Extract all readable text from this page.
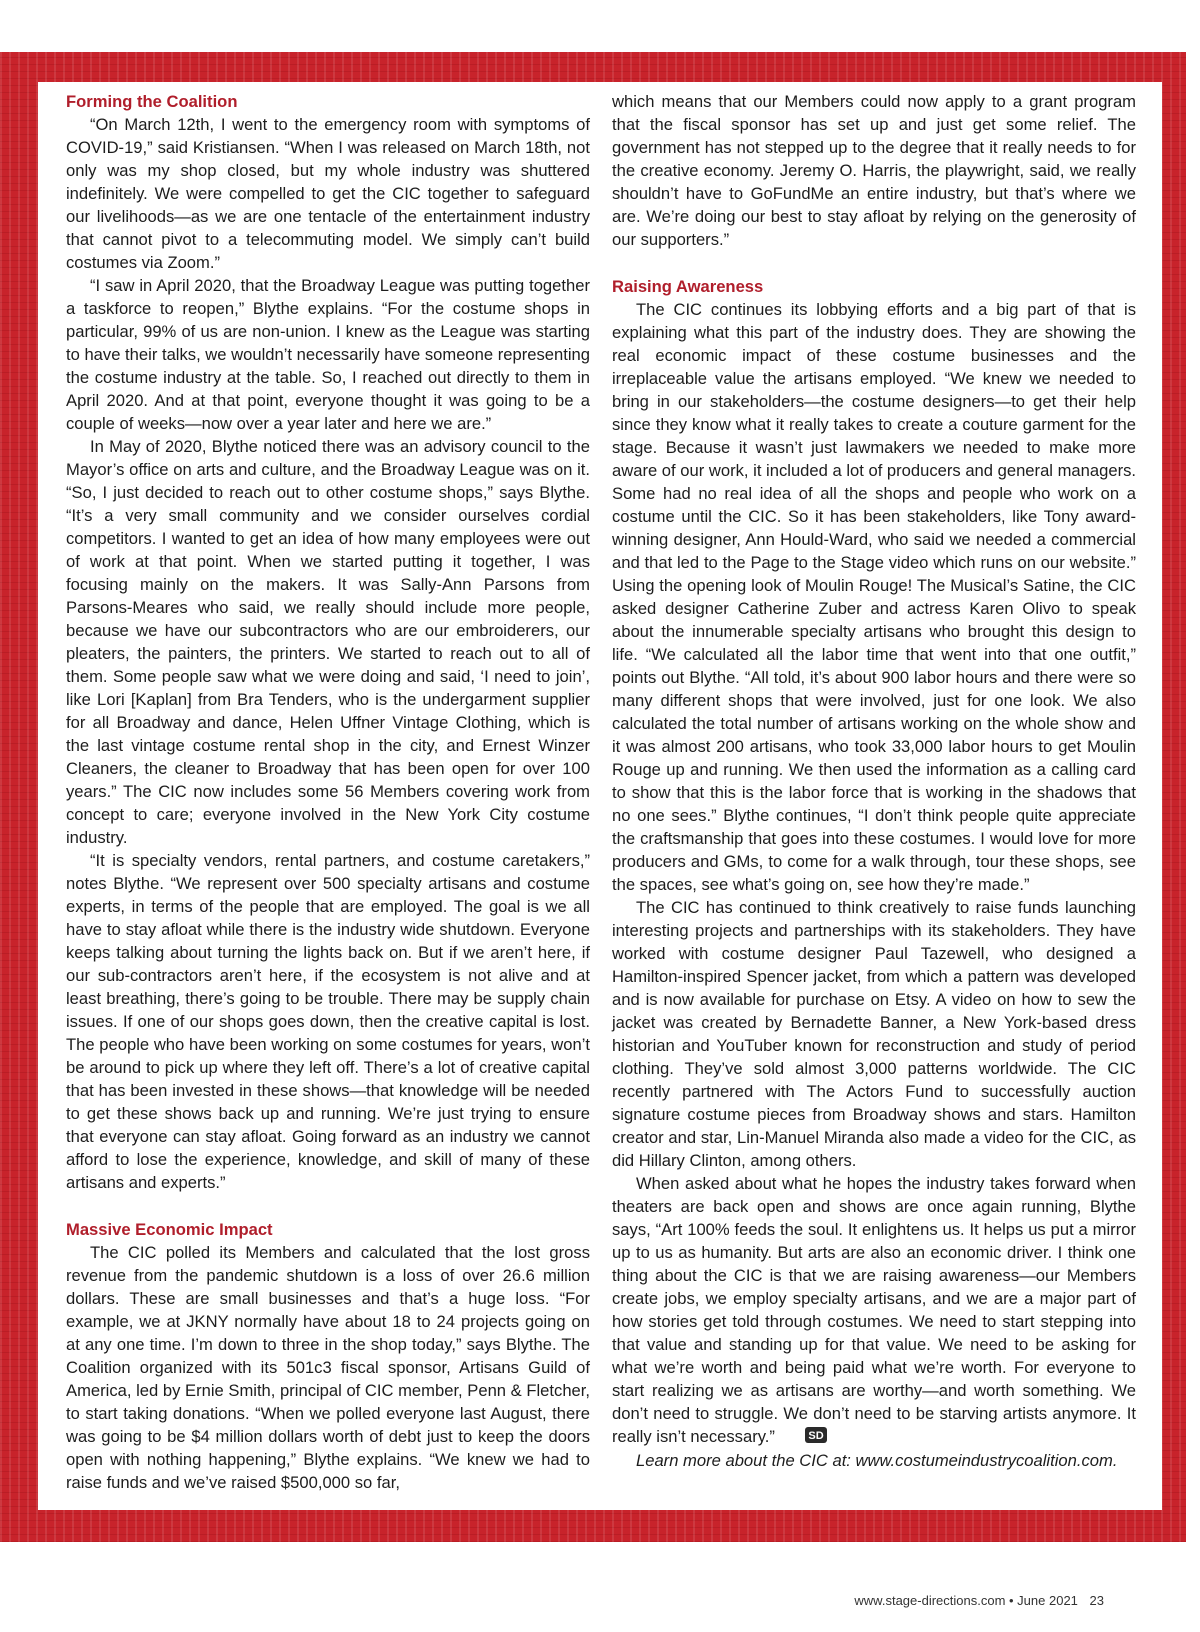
Forming the Coalition

“On March 12th, I went to the emergency room with symptoms of COVID-19,” said Kristiansen. “When I was released on March 18th, not only was my shop closed, but my whole industry was shuttered indefinitely. We were compelled to get the CIC together to safeguard our livelihoods—as we are one tentacle of the entertainment industry that cannot pivot to a telecommuting model. We simply can’t build costumes via Zoom.”

“I saw in April 2020, that the Broadway League was putting together a taskforce to reopen,” Blythe explains. “For the costume shops in particular, 99% of us are non-union. I knew as the League was starting to have their talks, we wouldn’t necessarily have someone representing the costume industry at the table. So, I reached out directly to them in April 2020. And at that point, everyone thought it was going to be a couple of weeks—now over a year later and here we are.”

In May of 2020, Blythe noticed there was an advisory council to the Mayor’s office on arts and culture, and the Broadway League was on it. “So, I just decided to reach out to other costume shops,” says Blythe. “It’s a very small community and we consider ourselves cordial competitors. I wanted to get an idea of how many employees were out of work at that point. When we started putting it together, I was focusing mainly on the makers. It was Sally-Ann Parsons from Parsons-Meares who said, we really should include more people, because we have our subcontractors who are our embroiderers, our pleaters, the painters, the printers. We started to reach out to all of them. Some people saw what we were doing and said, ‘I need to join’, like Lori [Kaplan] from Bra Tenders, who is the undergarment supplier for all Broadway and dance, Helen Uffner Vintage Clothing, which is the last vintage costume rental shop in the city, and Ernest Winzer Cleaners, the cleaner to Broadway that has been open for over 100 years.” The CIC now includes some 56 Members covering work from concept to care; everyone involved in the New York City costume industry.

“It is specialty vendors, rental partners, and costume caretakers,” notes Blythe. “We represent over 500 specialty artisans and costume experts, in terms of the people that are employed. The goal is we all have to stay afloat while there is the industry wide shutdown. Everyone keeps talking about turning the lights back on. But if we aren’t here, if our sub-contractors aren’t here, if the ecosystem is not alive and at least breathing, there’s going to be trouble. There may be supply chain issues. If one of our shops goes down, then the creative capital is lost. The people who have been working on some costumes for years, won’t be around to pick up where they left off. There’s a lot of creative capital that has been invested in these shows—that knowledge will be needed to get these shows back up and running. We’re just trying to ensure that everyone can stay afloat. Going forward as an industry we cannot afford to lose the experience, knowledge, and skill of many of these artisans and experts.”

Massive Economic Impact

The CIC polled its Members and calculated that the lost gross revenue from the pandemic shutdown is a loss of over 26.6 million dollars. These are small businesses and that’s a huge loss. “For example, we at JKNY normally have about 18 to 24 projects going on at any one time. I’m down to three in the shop today,” says Blythe. The Coalition organized with its 501c3 fiscal sponsor, Artisans Guild of America, led by Ernie Smith, principal of CIC member, Penn & Fletcher, to start taking donations. “When we polled everyone last August, there was going to be $4 million dollars worth of debt just to keep the doors open with nothing happening,” Blythe explains. “We knew we had to raise funds and we’ve raised $500,000 so far,

which means that our Members could now apply to a grant program that the fiscal sponsor has set up and just get some relief. The government has not stepped up to the degree that it really needs to for the creative economy. Jeremy O. Harris, the playwright, said, we really shouldn’t have to GoFundMe an entire industry, but that’s where we are. We’re doing our best to stay afloat by relying on the generosity of our supporters.”

Raising Awareness

The CIC continues its lobbying efforts and a big part of that is explaining what this part of the industry does. They are showing the real economic impact of these costume businesses and the irreplaceable value the artisans employed. “We knew we needed to bring in our stakeholders—the costume designers—to get their help since they know what it really takes to create a couture garment for the stage. Because it wasn’t just lawmakers we needed to make more aware of our work, it included a lot of producers and general managers. Some had no real idea of all the shops and people who work on a costume until the CIC. So it has been stakeholders, like Tony award-winning designer, Ann Hould-Ward, who said we needed a commercial and that led to the Page to the Stage video which runs on our website.” Using the opening look of Moulin Rouge! The Musical’s Satine, the CIC asked designer Catherine Zuber and actress Karen Olivo to speak about the innumerable specialty artisans who brought this design to life. “We calculated all the labor time that went into that one outfit,” points out Blythe. “All told, it’s about 900 labor hours and there were so many different shops that were involved, just for one look. We also calculated the total number of artisans working on the whole show and it was almost 200 artisans, who took 33,000 labor hours to get Moulin Rouge up and running. We then used the information as a calling card to show that this is the labor force that is working in the shadows that no one sees.” Blythe continues, “I don’t think people quite appreciate the craftsmanship that goes into these costumes. I would love for more producers and GMs, to come for a walk through, tour these shops, see the spaces, see what’s going on, see how they’re made.”

The CIC has continued to think creatively to raise funds launching interesting projects and partnerships with its stakeholders. They have worked with costume designer Paul Tazewell, who designed a Hamilton-inspired Spencer jacket, from which a pattern was developed and is now available for purchase on Etsy. A video on how to sew the jacket was created by Bernadette Banner, a New York-based dress historian and YouTuber known for reconstruction and study of period clothing. They’ve sold almost 3,000 patterns worldwide. The CIC recently partnered with The Actors Fund to successfully auction signature costume pieces from Broadway shows and stars. Hamilton creator and star, Lin-Manuel Miranda also made a video for the CIC, as did Hillary Clinton, among others.

When asked about what he hopes the industry takes forward when theaters are back open and shows are once again running, Blythe says, “Art 100% feeds the soul. It enlightens us. It helps us put a mirror up to us as humanity. But arts are also an economic driver. I think one thing about the CIC is that we are raising awareness—our Members create jobs, we employ specialty artisans, and we are a major part of how stories get told through costumes. We need to start stepping into that value and standing up for that value. We need to be asking for what we’re worth and being paid what we’re worth. For everyone to start realizing we as artisans are worthy—and worth something. We don’t need to struggle. We don’t need to be starving artists anymore. It really isn’t necessary.”	SD

Learn more about the CIC at: www.costumeindustrycoalition.com.

www.stage-directions.com • June 2021 23
